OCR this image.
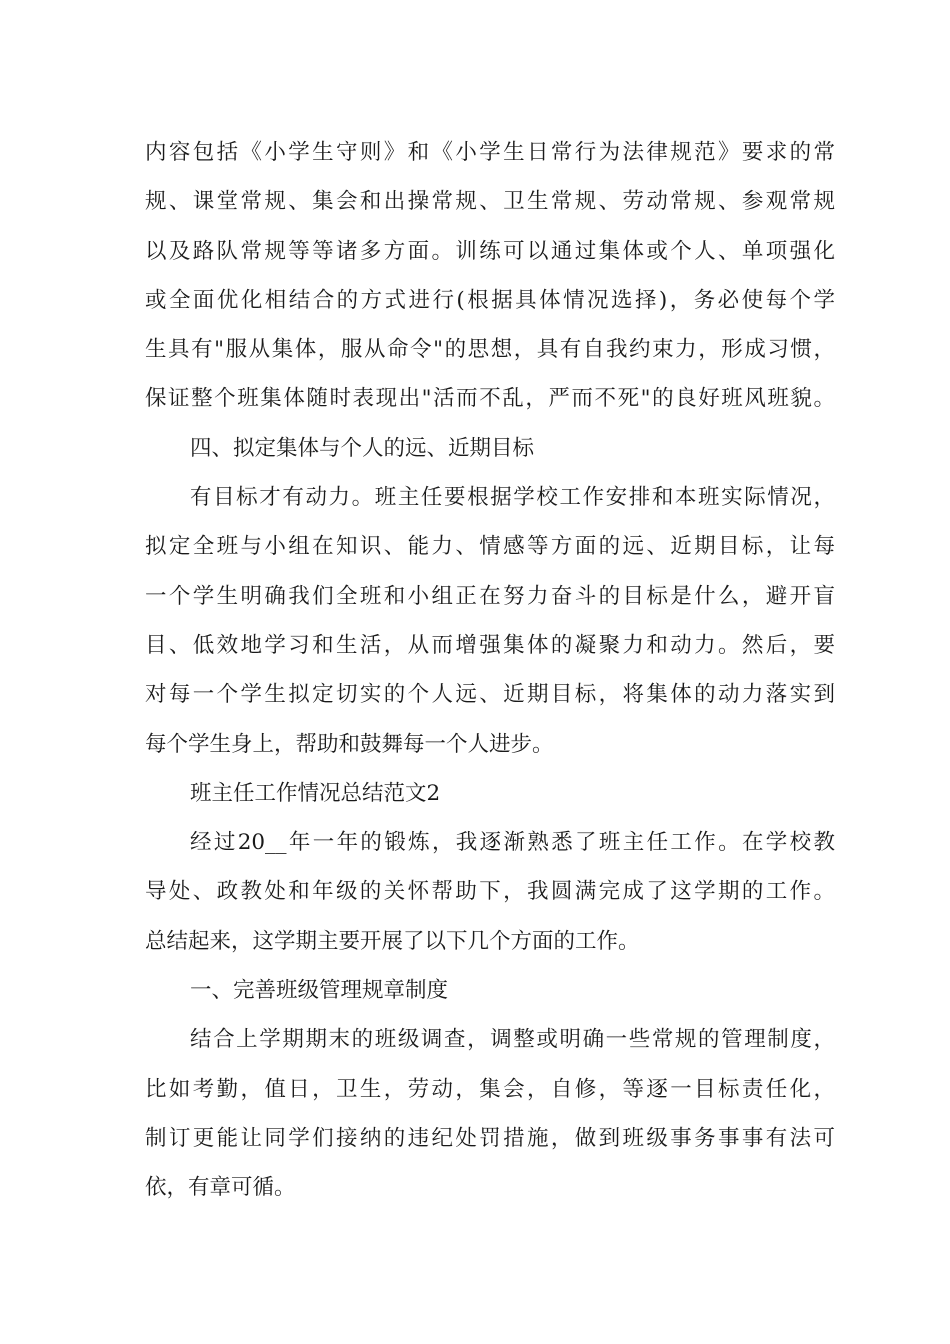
内容包括《小学生守则》和《小学生日常行为法律规范》要求的常
规、课堂常规、集会和出操常规、卫生常规、劳动常规、参观常规
以及路队常规等等诸多方面。训练可以通过集体或个人、单项强化
或全面优化相结合的方式进行(根据具体情况选择)，务必使每个学
生具有"服从集体，服从命令"的思想，具有自我约束力，形成习惯，
保证整个班集体随时表现出"活而不乱，严而不死"的良好班风班貌。
四、拟定集体与个人的远、近期目标
有目标才有动力。班主任要根据学校工作安排和本班实际情况，
拟定全班与小组在知识、能力、情感等方面的远、近期目标，让每
一个学生明确我们全班和小组正在努力奋斗的目标是什么，避开盲
目、低效地学习和生活，从而增强集体的凝聚力和动力。然后，要
对每一个学生拟定切实的个人远、近期目标，将集体的动力落实到
每个学生身上，帮助和鼓舞每一个人进步。
班主任工作情况总结范文2
经过20__年一年的锻炼，我逐渐熟悉了班主任工作。在学校教
导处、政教处和年级的关怀帮助下，我圆满完成了这学期的工作。
总结起来，这学期主要开展了以下几个方面的工作。
一、完善班级管理规章制度
结合上学期期末的班级调查，调整或明确一些常规的管理制度，
比如考勤，值日，卫生，劳动，集会，自修，等逐一目标责任化，
制订更能让同学们接纳的违纪处罚措施，做到班级事务事事有法可
依，有章可循。
